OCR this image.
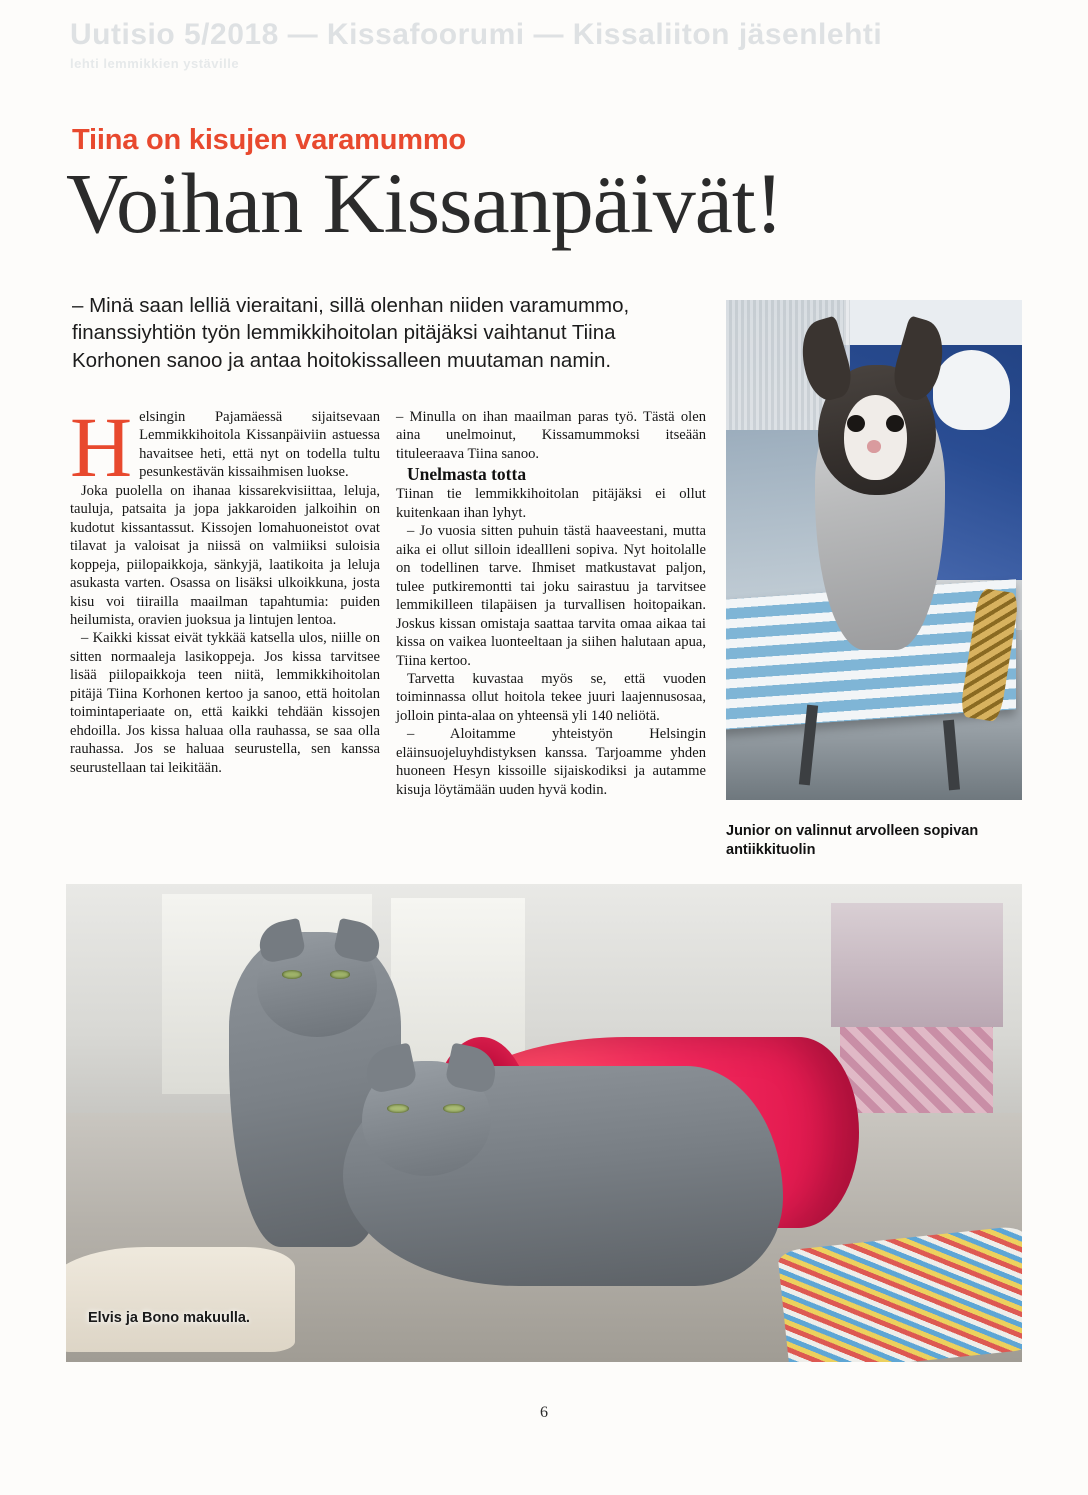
Uutisio 5/2018 — Kissafoorumi — Kissaliiton jäsenlehti
lehti lemmikkien ystäville
Tiina on kisujen varamummo
Voihan Kissanpäivät!
– Minä saan lelliä vieraitani, sillä olenhan niiden varamummo, finanssiyhtiön työn lemmikkihoitolan pitäjäksi vaihtanut Tiina Korhonen sanoo ja antaa hoitokissalleen muutaman namin.

Helsingin Pajamäessä sijaitsevaan Lemmikkihoitola Kissanpäiviin astuessa havaitsee heti, että nyt on todella tultu pesunkestävän kissaihmisen luokse.

Joka puolella on ihanaa kissarekvisiittaa, leluja, tauluja, patsaita ja jopa jakkaroiden jalkoihin on kudotut kissantassut. Kissojen lomahuoneistot ovat tilavat ja valoisat ja niissä on valmiiksi suloisia koppeja, piilopaikkoja, sänkyjä, laatikoita ja leluja asukasta varten. Osassa on lisäksi ulkoikkuna, josta kisu voi tiirailla maailman tapahtumia: puiden heilumista, oravien juoksua ja lintujen lentoa.

– Kaikki kissat eivät tykkää katsella ulos, niille on sitten normaaleja lasikoppeja. Jos kissa tarvitsee lisää piilopaikkoja teen niitä, lemmikkihoitolan pitäjä Tiina Korhonen kertoo ja sanoo, että hoitolan toimintaperiaate on, että kaikki tehdään kissojen ehdoilla. Jos kissa haluaa olla rauhassa, se saa olla rauhassa. Jos se haluaa seurustella, sen kanssa seurustellaan tai leikitään.

– Minulla on ihan maailman paras työ. Tästä olen aina unelmoinut, Kissamummoksi itseään tituleeraava Tiina sanoo.

Unelmasta totta

Tiinan tie lemmikkihoitolan pitäjäksi ei ollut kuitenkaan ihan lyhyt.

– Jo vuosia sitten puhuin tästä haaveestani, mutta aika ei ollut silloin ideallleni sopiva. Nyt hoitolalle on todellinen tarve. Ihmiset matkustavat paljon, tulee putkiremontti tai joku sairastuu ja tarvitsee lemmikilleen tilapäisen ja turvallisen hoitopaikan. Joskus kissan omistaja saattaa tarvita omaa aikaa tai kissa on vaikea luonteeltaan ja siihen halutaan apua, Tiina kertoo.

Tarvetta kuvastaa myös se, että vuoden toiminnassa ollut hoitola tekee juuri laajennusosaa, jolloin pinta-alaa on yhteensä yli 140 neliötä.

– Aloitamme yhteistyön Helsingin eläinsuojeluyhdistyksen kanssa. Tarjoamme yhden huoneen Hesyn kissoille sijaiskodiksi ja autamme kisuja löytämään uuden hyvä kodin.

Junior on valinnut arvolleen sopivan antiikkituolin
Elvis ja Bono makuulla.
6
